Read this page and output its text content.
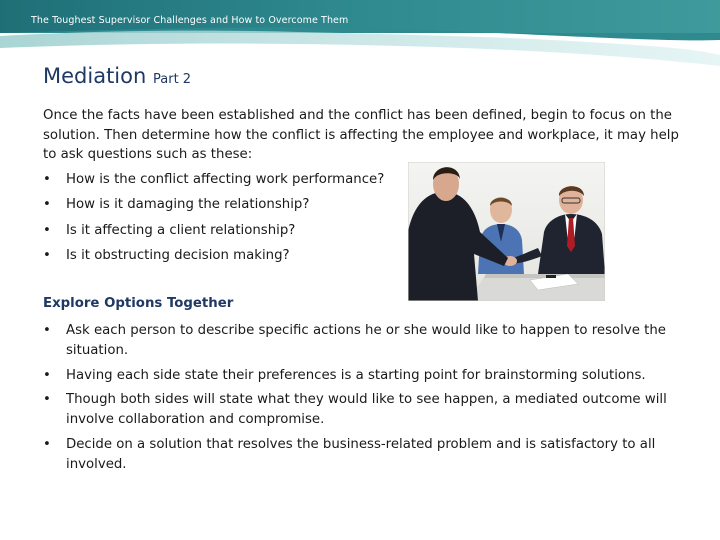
The Toughest Supervisor Challenges and How to Overcome Them
Mediation Part 2
Once the facts have been established and the conflict has been defined, begin to focus on the solution. Then determine how the conflict is affecting the employee and workplace, it may help to ask questions such as these:
• How is the conflict affecting work performance?
• How is it damaging the relationship?
• Is it affecting a client relationship?
• Is it obstructing decision making?
Explore Options Together
• Ask each person to describe specific actions he or she would like to happen to resolve the situation.
• Having each side state their preferences is a starting point for brainstorming solutions.
• Though both sides will state what they would like to see happen, a mediated outcome will involve collaboration and compromise.
• Decide on a solution that resolves the business-related problem and is satisfactory to all involved.
